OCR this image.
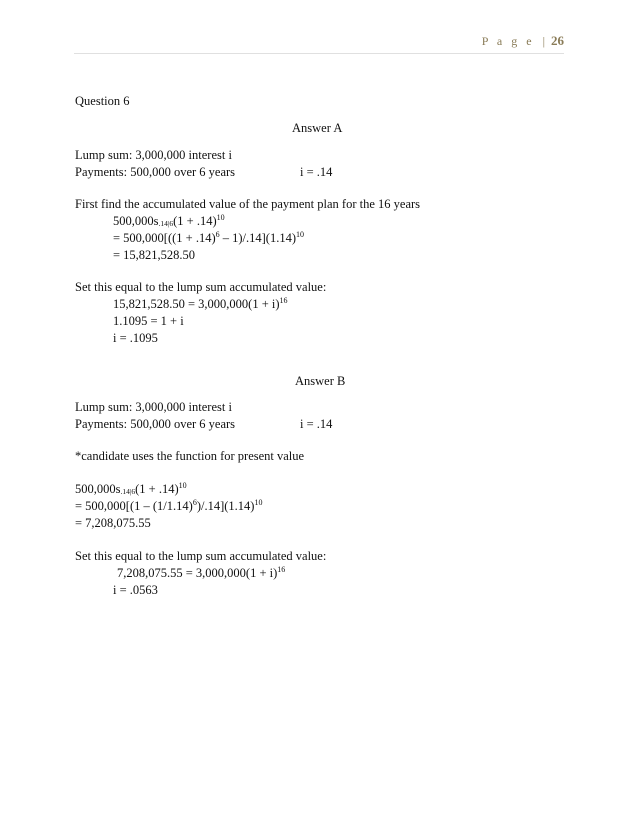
P a g e | 26
Question 6
Answer A
Lump sum: 3,000,000 interest i
Payments: 500,000 over 6 years	i = .14
First find the accumulated value of the payment plan for the 16 years
$500,000s_{.14|6}(1 + .14)^{10}$
= $500,000[((1 + .14)^6 - 1)/.14](1.14)^{10}$
= 15,821,528.50
Set this equal to the lump sum accumulated value:
$15,821,528.50 = 3,000,000(1 + i)^{16}$
1.1095 = 1 + i
i = .1095
Answer B
Lump sum: 3,000,000 interest i
Payments: 500,000 over 6 years	i = .14
*candidate uses the function for present value
$500,000s_{.14|6}(1 + .14)^{10}$
= $500,000[(1 - (1/1.14)^6)/.14](1.14)^{10}$
= 7,208,075.55
Set this equal to the lump sum accumulated value:
$7,208,075.55 = 3,000,000(1 + i)^{16}$
i = .0563
